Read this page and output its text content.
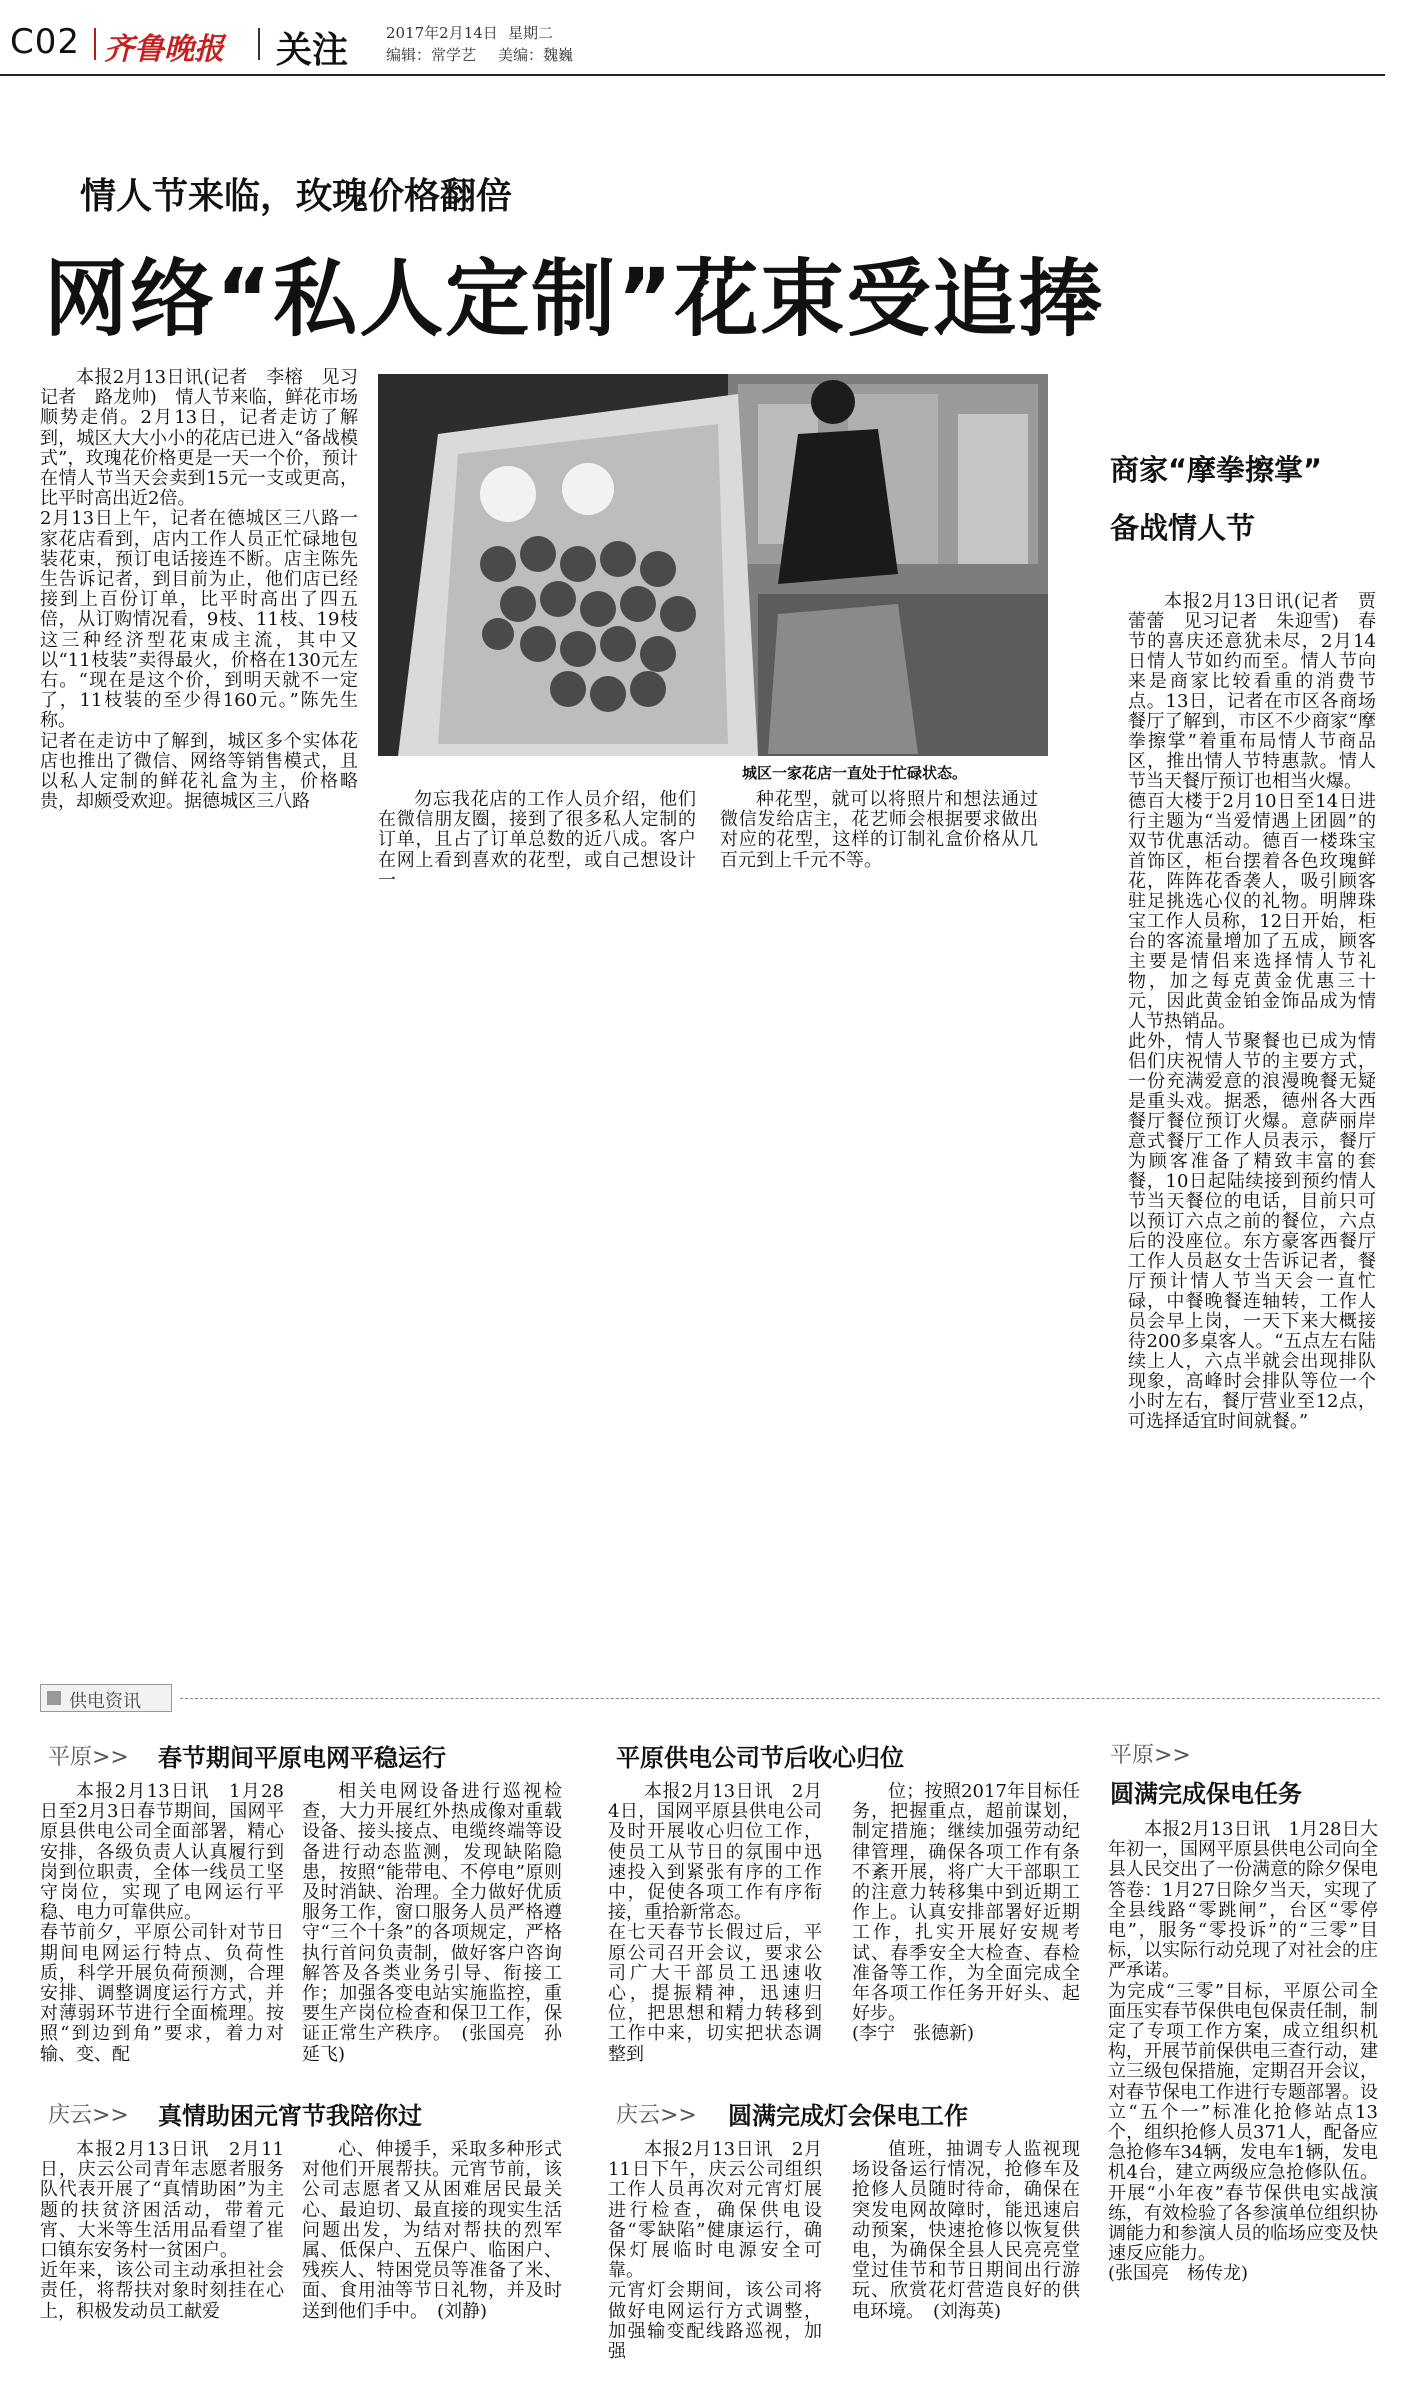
C02 齐鲁晚报 关注	2017年2月14日 星期二
编辑：常学艺 美编：魏巍
情人节来临，玫瑰价格翻倍
网络“私人定制”花束受追捧
本报2月13日讯(记者　李榕　见习记者　路龙帅)　情人节来临，鲜花市场顺势走俏。2月13日，记者走访了解到，城区大大小小的花店已进入“备战模式”，玫瑰花价格更是一天一个价，预计在情人节当天会卖到15元一支或更高，比平时高出近2倍。
2月13日上午，记者在德城区三八路一家花店看到，店内工作人员正忙碌地包装花束，预订电话接连不断。店主陈先生告诉记者，到目前为止，他们店已经接到上百份订单，比平时高出了四五倍，从订购情况看，9枝、11枝、19枝这三种经济型花束成主流，其中又以“11枝装”卖得最火，价格在130元左右。“现在是这个价，到明天就不一定了，11枝装的至少得160元。”陈先生称。
记者在走访中了解到，城区多个实体花店也推出了微信、网络等销售模式，且以私人定制的鲜花礼盒为主，价格略贵，却颇受欢迎。据德城区三八路
城区一家花店一直处于忙碌状态。
勿忘我花店的工作人员介绍，他们在微信朋友圈，接到了很多私人定制的订单，且占了订单总数的近八成。客户在网上看到喜欢的花型，或自己想设计一
种花型，就可以将照片和想法通过微信发给店主，花艺师会根据要求做出对应的花型，这样的订制礼盒价格从几百元到上千元不等。
商家“摩拳擦掌”
备战情人节
本报2月13日讯(记者　贾蕾蕾　见习记者　朱迎雪)　春节的喜庆还意犹未尽，2月14日情人节如约而至。情人节向来是商家比较看重的消费节点。13日，记者在市区各商场餐厅了解到，市区不少商家“摩拳擦掌”着重布局情人节商品区，推出情人节特惠款。情人节当天餐厅预订也相当火爆。
德百大楼于2月10日至14日进行主题为“当爱情遇上团圆”的双节优惠活动。德百一楼珠宝首饰区，柜台摆着各色玫瑰鲜花，阵阵花香袭人，吸引顾客驻足挑选心仪的礼物。明牌珠宝工作人员称，12日开始，柜台的客流量增加了五成，顾客主要是情侣来选择情人节礼物，加之每克黄金优惠三十元，因此黄金铂金饰品成为情人节热销品。
此外，情人节聚餐也已成为情侣们庆祝情人节的主要方式，一份充满爱意的浪漫晚餐无疑是重头戏。据悉，德州各大西餐厅餐位预订火爆。意萨丽岸意式餐厅工作人员表示，餐厅为顾客准备了精致丰富的套餐，10日起陆续接到预约情人节当天餐位的电话，目前只可以预订六点之前的餐位，六点后的没座位。东方豪客西餐厅工作人员赵女士告诉记者，餐厅预计情人节当天会一直忙碌，中餐晚餐连轴转，工作人员会早上岗，一天下来大概接待200多桌客人。“五点左右陆续上人，六点半就会出现排队现象，高峰时会排队等位一个小时左右，餐厅营业至12点，可选择适宜时间就餐。”
供电资讯
平原>> 春节期间平原电网平稳运行
本报2月13日讯　1月28日至2月3日春节期间，国网平原县供电公司全面部署，精心安排，各级负责人认真履行到岗到位职责，全体一线员工坚守岗位，实现了电网运行平稳、电力可靠供应。
春节前夕，平原公司针对节日期间电网运行特点、负荷性质，科学开展负荷预测，合理安排、调整调度运行方式，并对薄弱环节进行全面梳理。按照“到边到角”要求，着力对输、变、配
相关电网设备进行巡视检查，大力开展红外热成像对重载设备、接头接点、电缆终端等设备进行动态监测，发现缺陷隐患，按照“能带电、不停电”原则及时消缺、治理。全力做好优质服务工作，窗口服务人员严格遵守“三个十条”的各项规定，严格执行首问负责制，做好客户咨询解答及各类业务引导、衔接工作；加强各变电站实施监控，重要生产岗位检查和保卫工作，保证正常生产秩序。　(张国亮　孙延飞)
平原供电公司节后收心归位
本报2月13日讯　2月4日，国网平原县供电公司及时开展收心归位工作，使员工从节日的氛围中迅速投入到紧张有序的工作中，促使各项工作有序衔接，重拾新常态。
在七天春节长假过后，平原公司召开会议，要求公司广大干部员工迅速收心，提振精神，迅速归位，把思想和精力转移到工作中来，切实把状态调整到
位；按照2017年目标任务，把握重点，超前谋划，制定措施；继续加强劳动纪律管理，确保各项工作有条不紊开展，将广大干部职工的注意力转移集中到近期工作上。认真安排部署好近期工作，扎实开展好安规考试、春季安全大检查、春检准备等工作，为全面完成全年各项工作任务开好头、起好步。
(李宁　张德新)
平原>>
圆满完成保电任务
本报2月13日讯　1月28日大年初一，国网平原县供电公司向全县人民交出了一份满意的除夕保电答卷：1月27日除夕当天，实现了全县线路“零跳闸”，台区“零停电”，服务“零投诉”的“三零”目标，以实际行动兑现了对社会的庄严承诺。
为完成“三零”目标，平原公司全面压实春节保供电包保责任制，制定了专项工作方案，成立组织机构，开展节前保供电三查行动，建立三级包保措施，定期召开会议，对春节保电工作进行专题部署。设立“五个一”标准化抢修站点13个，组织抢修人员371人，配备应急抢修车34辆，发电车1辆，发电机4台，建立两级应急抢修队伍。开展“小年夜”春节保供电实战演练，有效检验了各参演单位组织协调能力和参演人员的临场应变及快速反应能力。
(张国亮　杨传龙)
庆云>> 真情助困元宵节我陪你过
本报2月13日讯　2月11日，庆云公司青年志愿者服务队代表开展了“真情助困”为主题的扶贫济困活动，带着元宵、大米等生活用品看望了崔口镇东安务村一贫困户。
近年来，该公司主动承担社会责任，将帮扶对象时刻挂在心上，积极发动员工献爱
心、伸援手，采取多种形式对他们开展帮扶。元宵节前，该公司志愿者又从困难居民最关心、最迫切、最直接的现实生活问题出发，为结对帮扶的烈军属、低保户、五保户、临困户、残疾人、特困党员等准备了米、面、食用油等节日礼物，并及时送到他们手中。　(刘静)
庆云>> 圆满完成灯会保电工作
本报2月13日讯　2月11日下午，庆云公司组织工作人员再次对元宵灯展进行检查，确保供电设备“零缺陷”健康运行，确保灯展临时电源安全可靠。
元宵灯会期间，该公司将做好电网运行方式调整，加强输变配线路巡视，加强
值班，抽调专人监视现场设备运行情况，抢修车及抢修人员随时待命，确保在突发电网故障时，能迅速启动预案，快速抢修以恢复供电，为确保全县人民亮亮堂堂过佳节和节日期间出行游玩、欣赏花灯营造良好的供电环境。　(刘海英)
